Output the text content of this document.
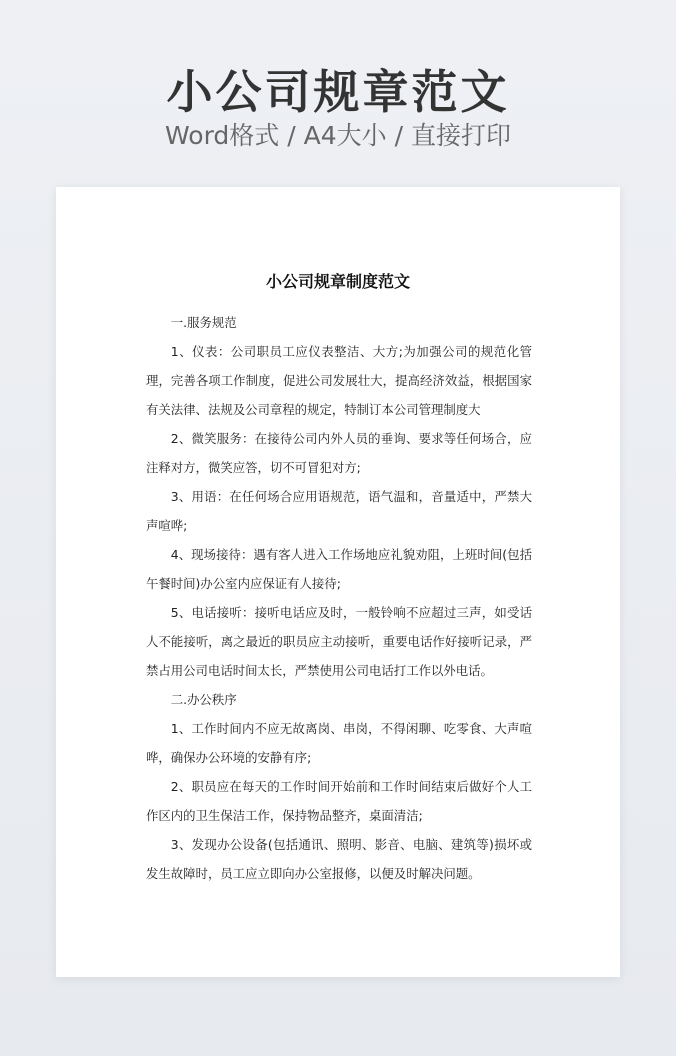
小公司规章范文
Word格式 / A4大小 / 直接打印
小公司规章制度范文

一.服务规范

1、仪表：公司职员工应仪表整洁、大方;为加强公司的规范化管理，完善各项工作制度，促进公司发展壮大，提高经济效益，根据国家有关法律、法规及公司章程的规定，特制订本公司管理制度大

2、微笑服务：在接待公司内外人员的垂询、要求等任何场合，应注释对方，微笑应答，切不可冒犯对方;

3、用语：在任何场合应用语规范，语气温和，音量适中，严禁大声喧哗;

4、现场接待：遇有客人进入工作场地应礼貌劝阻，上班时间(包括午餐时间)办公室内应保证有人接待;

5、电话接听：接听电话应及时，一般铃响不应超过三声，如受话人不能接听，离之最近的职员应主动接听，重要电话作好接听记录，严禁占用公司电话时间太长，严禁使用公司电话打工作以外电话。

二.办公秩序

1、工作时间内不应无故离岗、串岗，不得闲聊、吃零食、大声喧哗，确保办公环境的安静有序;

2、职员应在每天的工作时间开始前和工作时间结束后做好个人工作区内的卫生保洁工作，保持物品整齐，桌面清洁;

3、发现办公设备(包括通讯、照明、影音、电脑、建筑等)损坏或发生故障时，员工应立即向办公室报修，以便及时解决问题。
